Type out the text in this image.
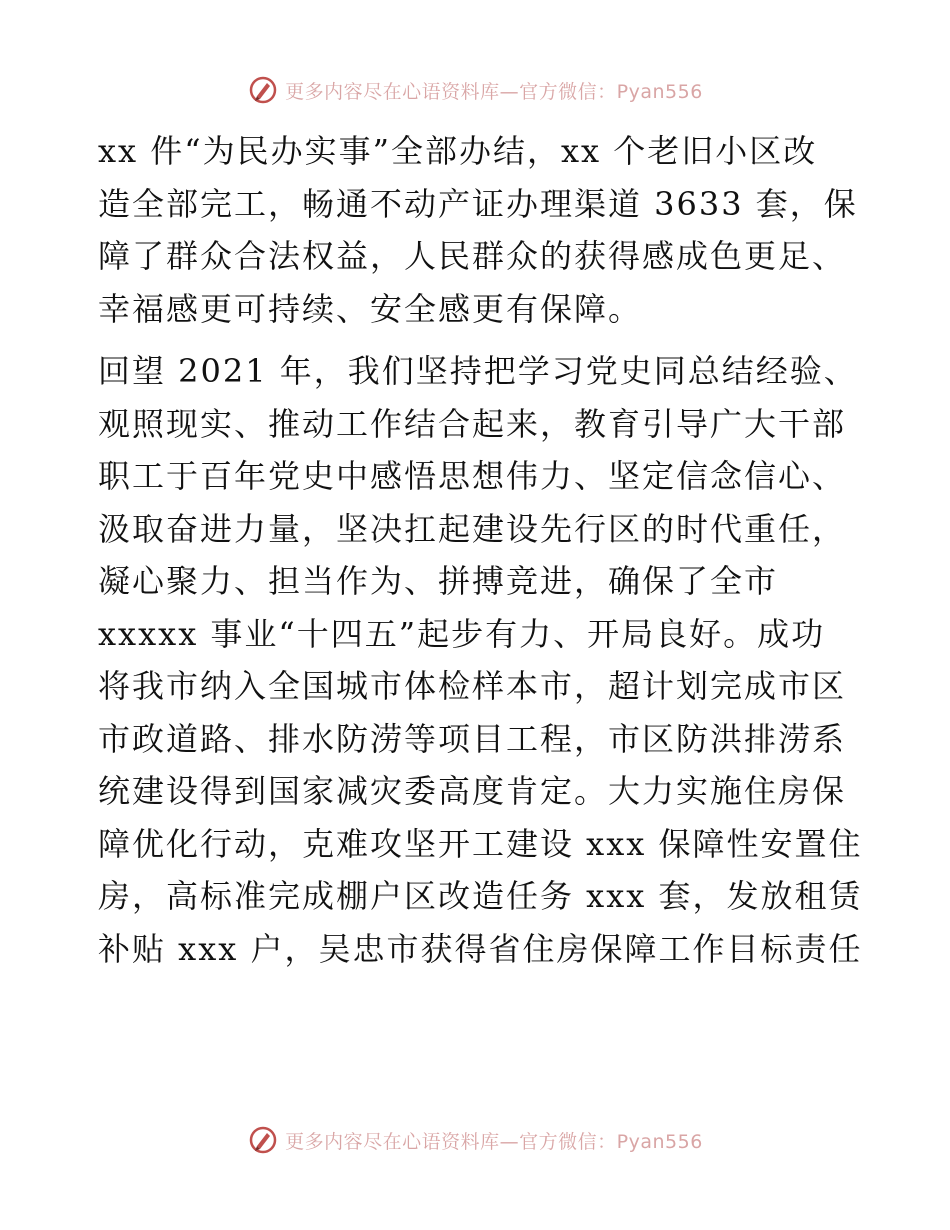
更多内容尽在心语资料库—官方微信：Pyan556
xx 件“为民办实事”全部办结，xx 个老旧小区改
造全部完工，畅通不动产证办理渠道 3633 套，保
障了群众合法权益，人民群众的获得感成色更足、
幸福感更可持续、安全感更有保障。
回望 2021 年，我们坚持把学习党史同总结经验、
观照现实、推动工作结合起来，教育引导广大干部
职工于百年党史中感悟思想伟力、坚定信念信心、
汲取奋进力量，坚决扛起建设先行区的时代重任，
凝心聚力、担当作为、拼搏竞进，确保了全市
xxxxx 事业“十四五”起步有力、开局良好。成功
将我市纳入全国城市体检样本市，超计划完成市区
市政道路、排水防涝等项目工程，市区防洪排涝系
统建设得到国家减灾委高度肯定。大力实施住房保
障优化行动，克难攻坚开工建设 xxx 保障性安置住
房，高标准完成棚户区改造任务 xxx 套，发放租赁
补贴 xxx 户，吴忠市获得省住房保障工作目标责任
更多内容尽在心语资料库—官方微信：Pyan556
